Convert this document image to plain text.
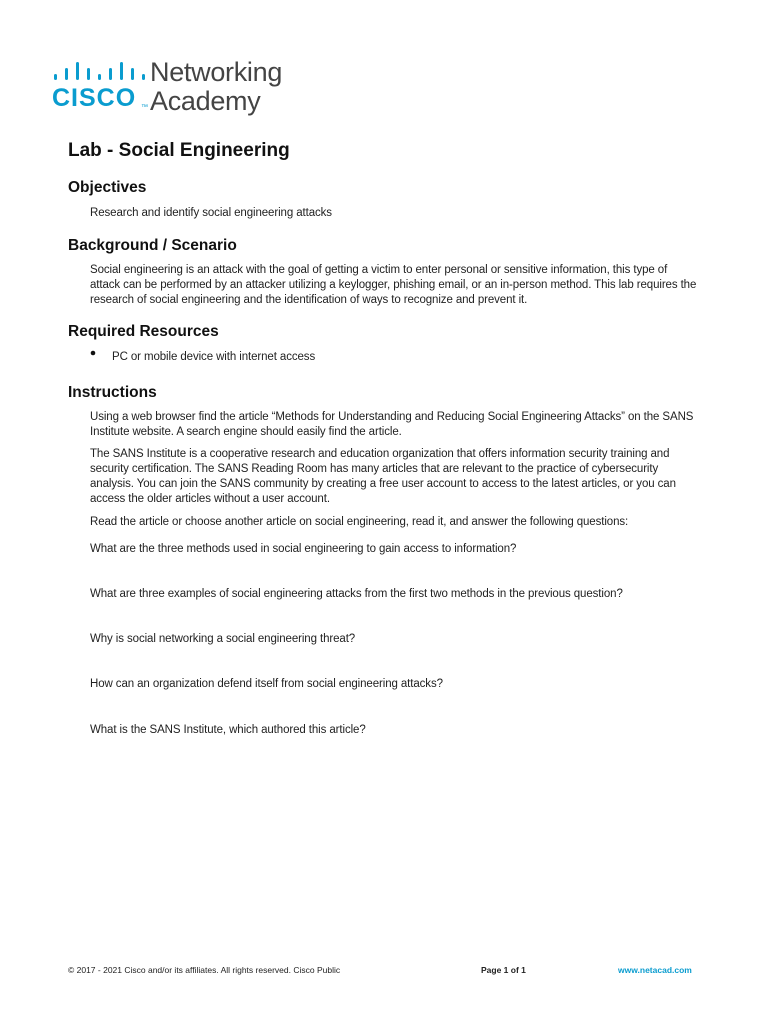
CISCO ™
Networking
Academy
Lab - Social Engineering
Objectives

Research and identify social engineering attacks

Background / Scenario

Social engineering is an attack with the goal of getting a victim to enter personal or sensitive information, this type of attack can be performed by an attacker utilizing a keylogger, phishing email, or an in-person method. This lab requires the research of social engineering and the identification of ways to recognize and prevent it.

Required Resources

PC or mobile device with internet access

Instructions

Using a web browser find the article “Methods for Understanding and Reducing Social Engineering Attacks” on the SANS Institute website. A search engine should easily find the article.

The SANS Institute is a cooperative research and education organization that offers information security training and security certification. The SANS Reading Room has many articles that are relevant to the practice of cybersecurity analysis. You can join the SANS community by creating a free user account to access to the latest articles, or you can access the older articles without a user account.

Read the article or choose another article on social engineering, read it, and answer the following questions:

What are the three methods used in social engineering to gain access to information?

What are three examples of social engineering attacks from the first two methods in the previous question?

Why is social networking a social engineering threat?

How can an organization defend itself from social engineering attacks?

What is the SANS Institute, which authored this article?

© 2017 - 2021 Cisco and/or its affiliates. All rights reserved. Cisco Public	Page 1 of 1	www.netacad.com
